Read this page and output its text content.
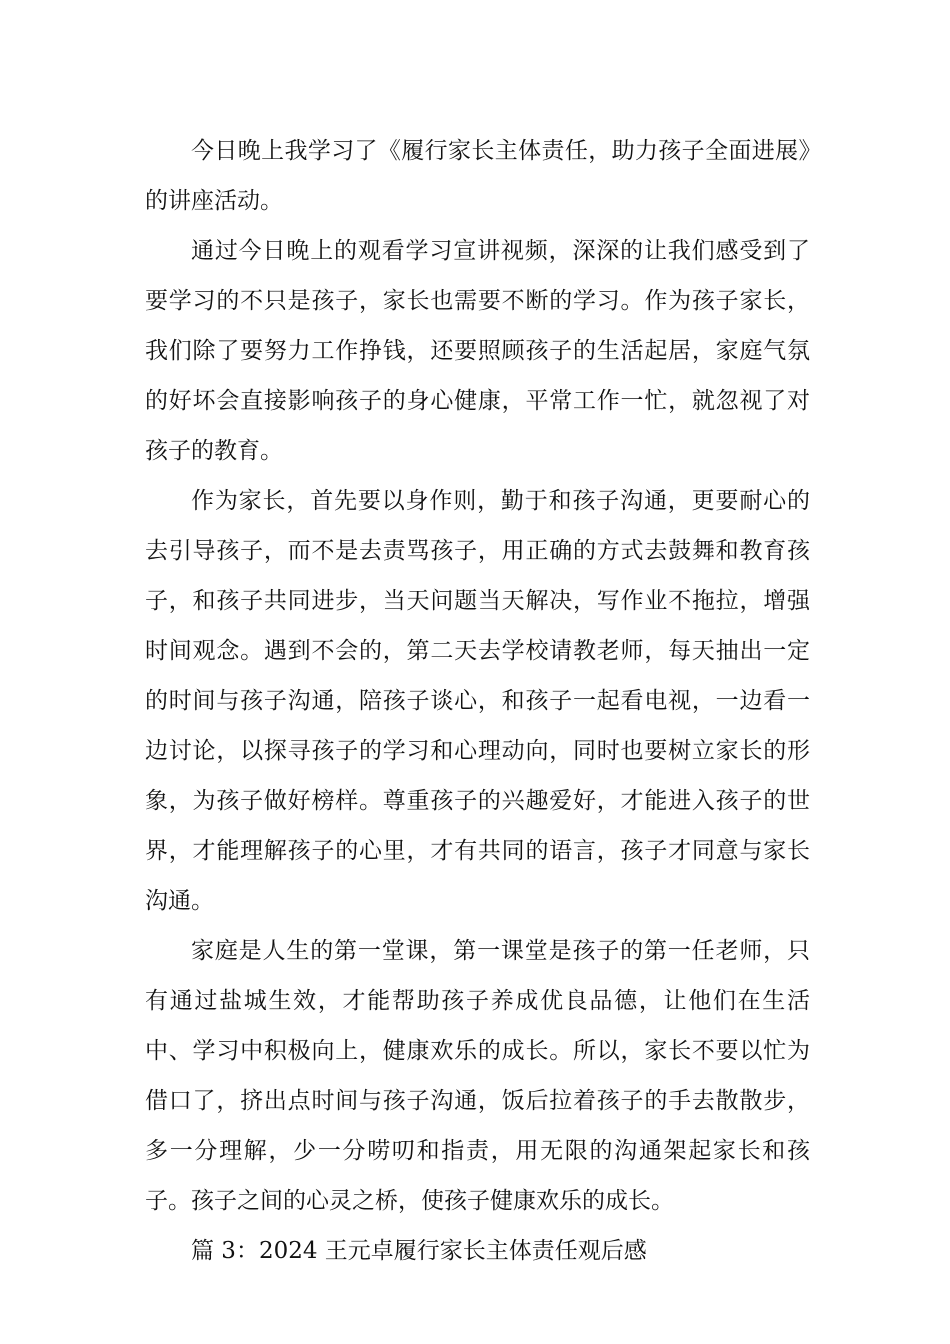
今日晚上我学习了《履行家长主体责任，助力孩子全面进展》的讲座活动。

通过今日晚上的观看学习宣讲视频，深深的让我们感受到了要学习的不只是孩子，家长也需要不断的学习。作为孩子家长，我们除了要努力工作挣钱，还要照顾孩子的生活起居，家庭气氛的好坏会直接影响孩子的身心健康，平常工作一忙，就忽视了对孩子的教育。

作为家长，首先要以身作则，勤于和孩子沟通，更要耐心的去引导孩子，而不是去责骂孩子，用正确的方式去鼓舞和教育孩子，和孩子共同进步，当天问题当天解决，写作业不拖拉，增强时间观念。遇到不会的，第二天去学校请教老师，每天抽出一定的时间与孩子沟通，陪孩子谈心，和孩子一起看电视，一边看一边讨论，以探寻孩子的学习和心理动向，同时也要树立家长的形象，为孩子做好榜样。尊重孩子的兴趣爱好，才能进入孩子的世界，才能理解孩子的心里，才有共同的语言，孩子才同意与家长沟通。

家庭是人生的第一堂课，第一课堂是孩子的第一任老师，只有通过盐城生效，才能帮助孩子养成优良品德，让他们在生活中、学习中积极向上，健康欢乐的成长。所以，家长不要以忙为借口了，挤出点时间与孩子沟通，饭后拉着孩子的手去散散步，多一分理解，少一分唠叨和指责，用无限的沟通架起家长和孩子。孩子之间的心灵之桥，使孩子健康欢乐的成长。

篇 3：2024 王元卓履行家长主体责任观后感
